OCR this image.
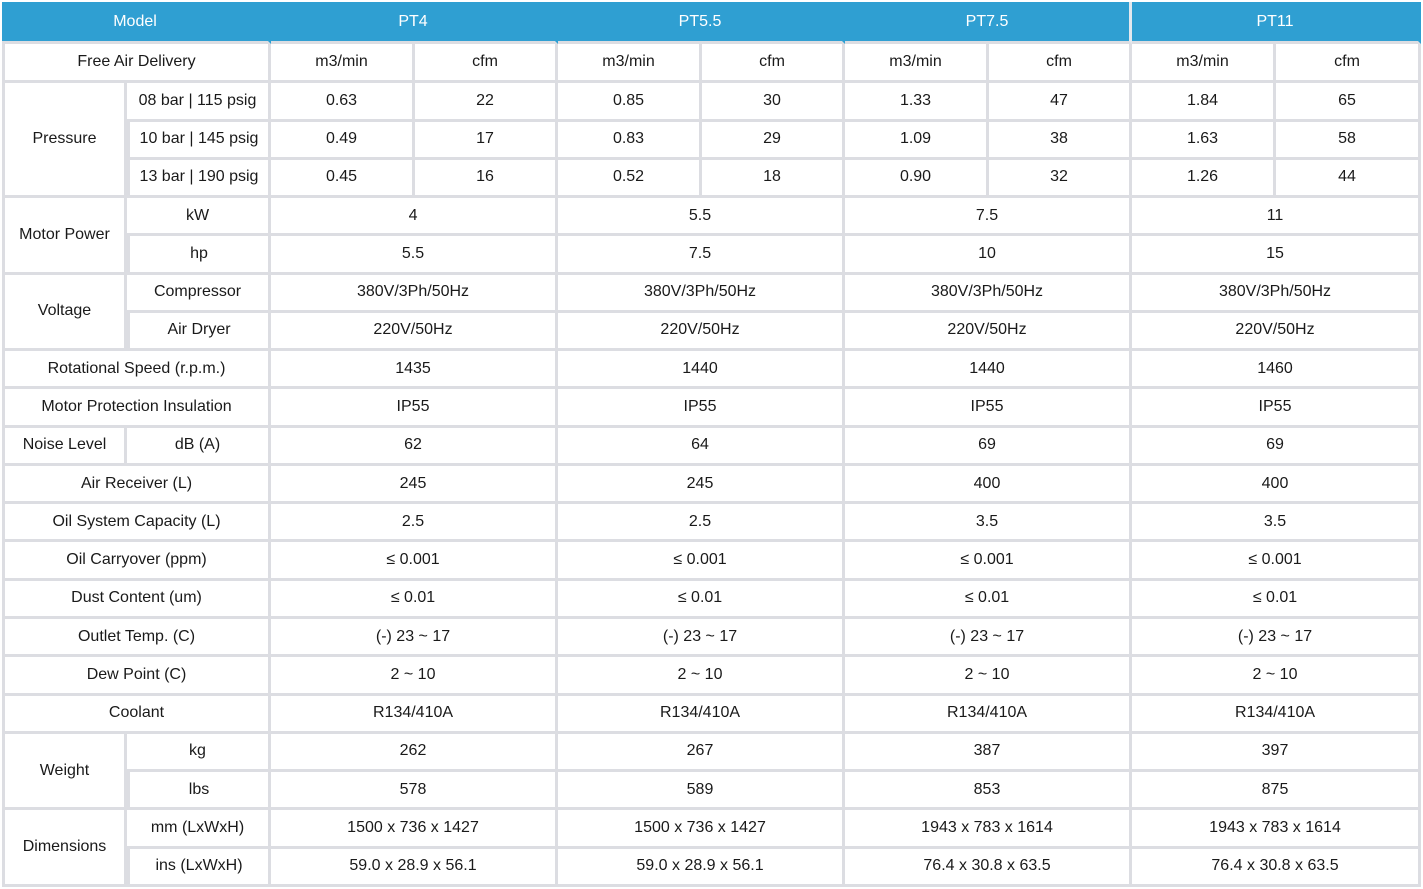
Model		PT4		PT5.5		PT7.5		PT11	
Free Air Delivery		m3/min	cfm	m3/min	cfm	m3/min	cfm	m3/min	cfm
Pressure	08 bar | 115 psig	0.63	22	0.85	30	1.33	47	1.84	65
	10 bar | 145 psig	0.49	17	0.83	29	1.09	38	1.63	58
	13 bar | 190 psig	0.45	16	0.52	18	0.90	32	1.26	44
Motor Power	kW	4		5.5		7.5		11	
	hp	5.5		7.5		10		15	
Voltage	Compressor	380V/3Ph/50Hz		380V/3Ph/50Hz		380V/3Ph/50Hz		380V/3Ph/50Hz	
	Air Dryer	220V/50Hz		220V/50Hz		220V/50Hz		220V/50Hz	
Rotational Speed (r.p.m.)		1435		1440		1440		1460	
Motor Protection Insulation		IP55		IP55		IP55		IP55	
Noise Level	dB (A)	62		64		69		69	
Air Receiver (L)		245		245		400		400	
Oil System Capacity (L)		2.5		2.5		3.5		3.5	
Oil Carryover (ppm)		≤ 0.001		≤ 0.001		≤ 0.001		≤ 0.001	
Dust Content (um)		≤ 0.01		≤ 0.01		≤ 0.01		≤ 0.01	
Outlet Temp. (C)		(-) 23 ~ 17		(-) 23 ~ 17		(-) 23 ~ 17		(-) 23 ~ 17	
Dew Point (C)		2 ~ 10		2 ~ 10		2 ~ 10		2 ~ 10	
Coolant		R134/410A		R134/410A		R134/410A		R134/410A	
Weight	kg	262		267		387		397	
	lbs	578		589		853		875	
Dimensions	mm (LxWxH)	1500 x 736 x 1427		1500 x 736 x 1427		1943 x 783 x 1614		1943 x 783 x 1614	
	ins (LxWxH)	59.0 x 28.9 x 56.1		59.0 x 28.9 x 56.1		76.4 x 30.8 x 63.5		76.4 x 30.8 x 63.5	
